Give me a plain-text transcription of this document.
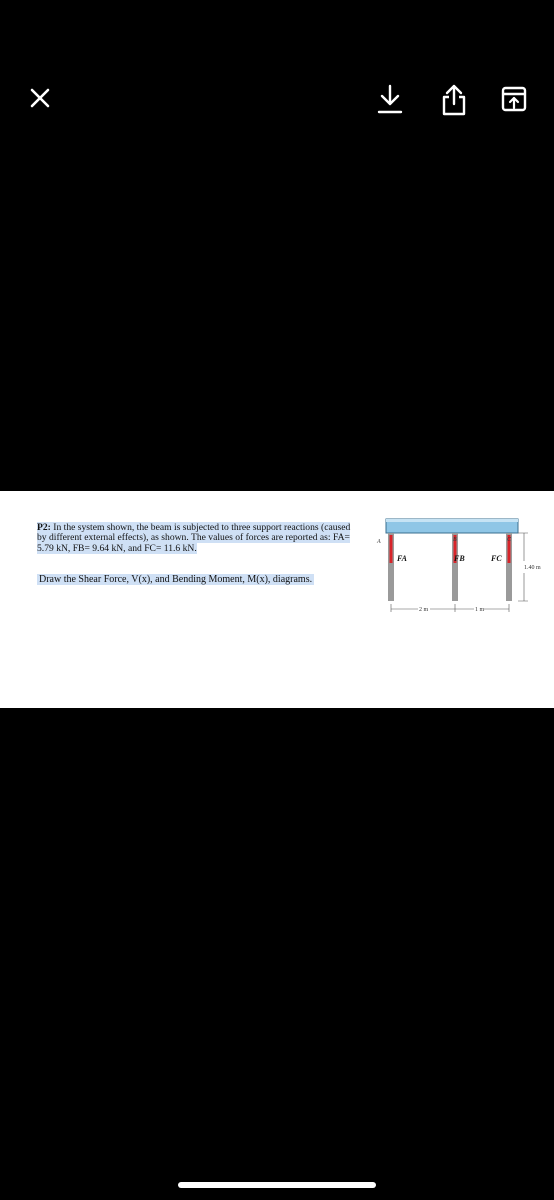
P2: In the system shown, the beam is subjected to three support reactions (caused by different external effects), as shown. The values of forces are reported as: FA= 5.79 kN, FB= 9.64 kN, and FC= 11.6 kN.
Draw the Shear Force, V(x), and Bending Moment, M(x), diagrams.
A	B	C
FA	FB	FC
1.40 m
2 m	1 m
